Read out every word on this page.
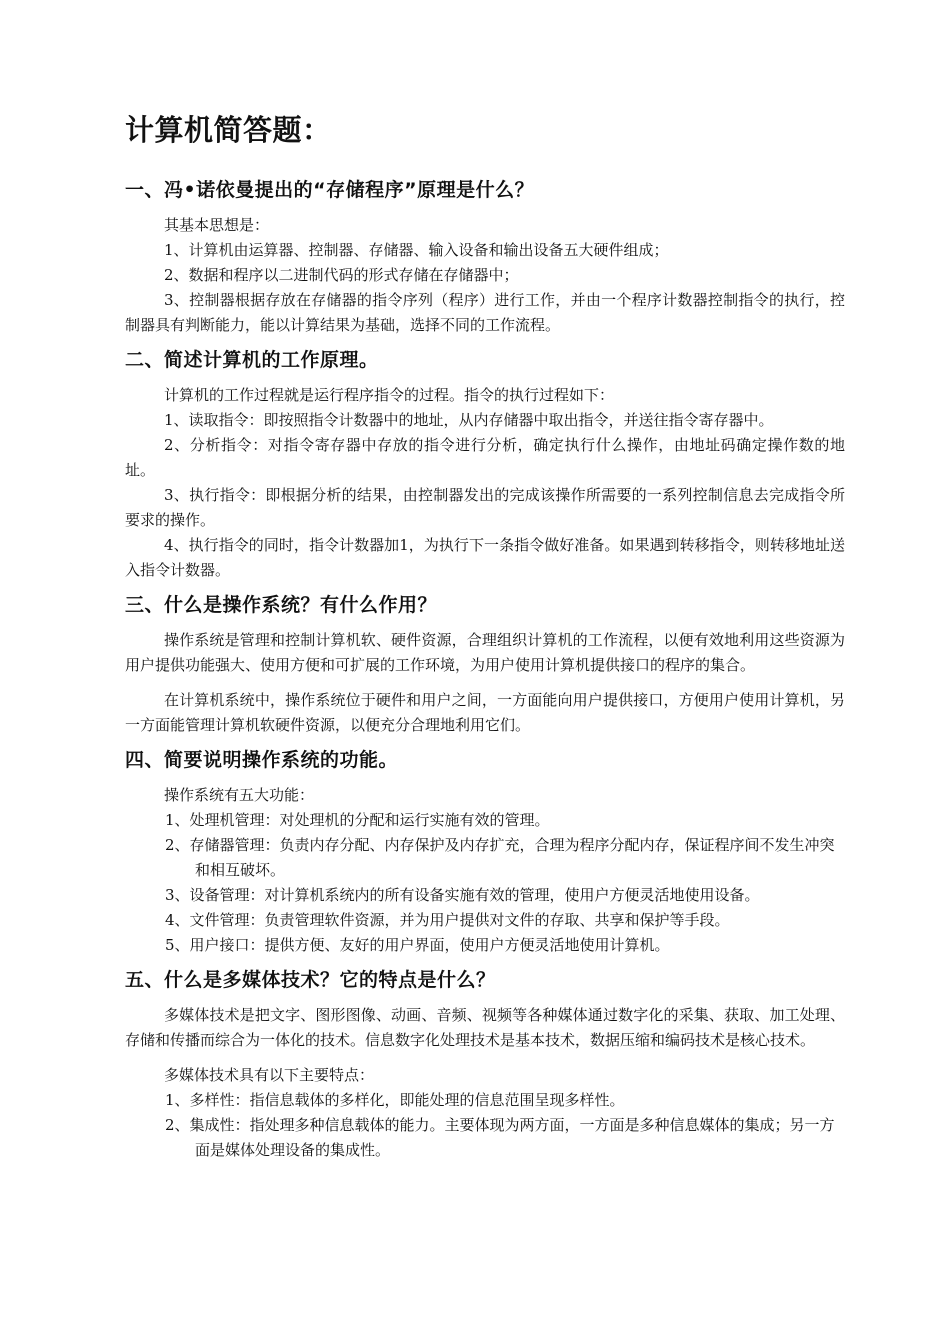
计算机简答题：
一、冯•诺依曼提出的“存储程序”原理是什么？

其基本思想是：

1、计算机由运算器、控制器、存储器、输入设备和输出设备五大硬件组成；

2、数据和程序以二进制代码的形式存储在存储器中；

3、控制器根据存放在存储器的指令序列（程序）进行工作，并由一个程序计数器控制指令的执行，控制器具有判断能力，能以计算结果为基础，选择不同的工作流程。

二、简述计算机的工作原理。

计算机的工作过程就是运行程序指令的过程。指令的执行过程如下：

1、读取指令：即按照指令计数器中的地址，从内存储器中取出指令，并送往指令寄存器中。

2、分析指令：对指令寄存器中存放的指令进行分析，确定执行什么操作，由地址码确定操作数的地址。

3、执行指令：即根据分析的结果，由控制器发出的完成该操作所需要的一系列控制信息去完成指令所要求的操作。

4、执行指令的同时，指令计数器加1，为执行下一条指令做好准备。如果遇到转移指令，则转移地址送入指令计数器。

三、什么是操作系统？有什么作用？

操作系统是管理和控制计算机软、硬件资源，合理组织计算机的工作流程，以便有效地利用这些资源为用户提供功能强大、使用方便和可扩展的工作环境，为用户使用计算机提供接口的程序的集合。

在计算机系统中，操作系统位于硬件和用户之间，一方面能向用户提供接口，方便用户使用计算机，另一方面能管理计算机软硬件资源，以便充分合理地利用它们。

四、简要说明操作系统的功能。

操作系统有五大功能：

1、处理机管理：对处理机的分配和运行实施有效的管理。

2、存储器管理：负责内存分配、内存保护及内存扩充，合理为程序分配内存，保证程序间不发生冲突和相互破坏。

3、设备管理：对计算机系统内的所有设备实施有效的管理，使用户方便灵活地使用设备。

4、文件管理：负责管理软件资源，并为用户提供对文件的存取、共享和保护等手段。

5、用户接口：提供方便、友好的用户界面，使用户方便灵活地使用计算机。

五、什么是多媒体技术？它的特点是什么？

多媒体技术是把文字、图形图像、动画、音频、视频等各种媒体通过数字化的采集、获取、加工处理、存储和传播而综合为一体化的技术。信息数字化处理技术是基本技术，数据压缩和编码技术是核心技术。

多媒体技术具有以下主要特点：

1、多样性：指信息载体的多样化，即能处理的信息范围呈现多样性。

2、集成性：指处理多种信息载体的能力。主要体现为两方面，一方面是多种信息媒体的集成；另一方面是媒体处理设备的集成性。
